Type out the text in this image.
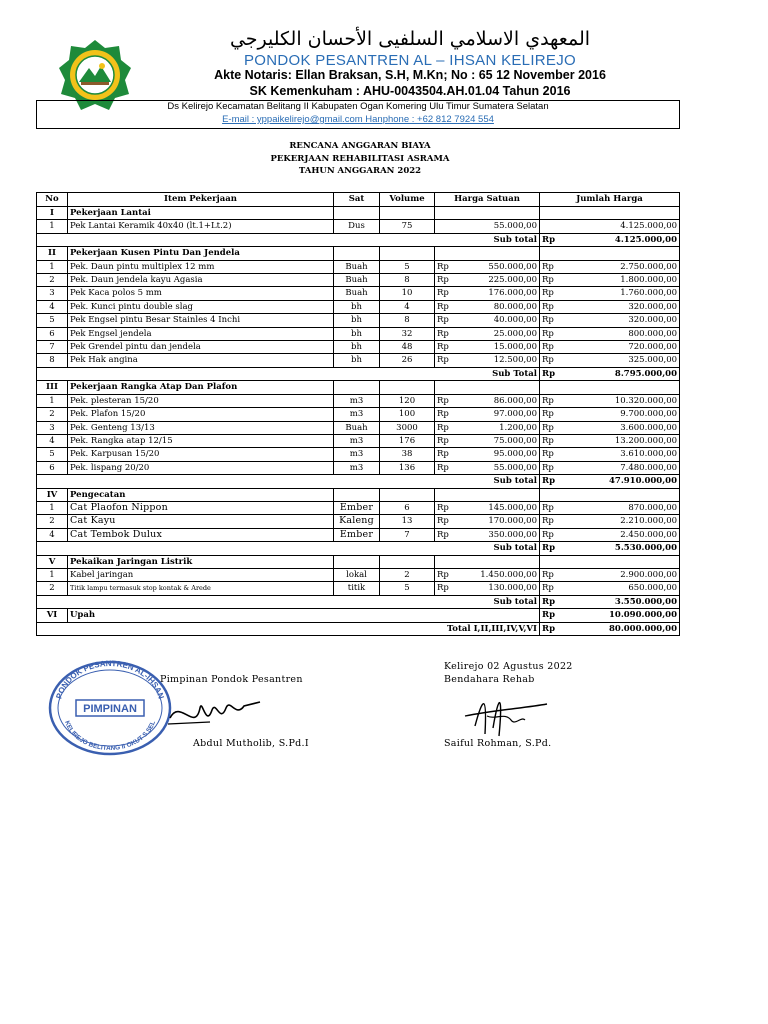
المعهدي الاسلامي السلفيى الأحسان الكليرجي
PONDOK PESANTREN AL – IHSAN KELIREJO
Akte Notaris: Ellan Braksan, S.H, M.Kn; No : 65 12 November 2016
SK Kemenkuham : AHU-0043504.AH.01.04 Tahun 2016
Ds Kelirejo Kecamatan Belitang II Kabupaten Ogan Komering Ulu Timur Sumatera Selatan
E-mail : yppaikelirejo@gmail.com Hanphone : +62 812 7924 554
RENCANA ANGGARAN BIAYA
PEKERJAAN REHABILITASI ASRAMA
TAHUN ANGGARAN 2022
No	Item Pekerjaan	Sat	Volume	Harga Satuan		Jumlah Harga	
I	Pekerjaan Lantai						
1	Pek Lantai Keramik 40x40 (lt.1+Lt.2)	Dus	75		55.000,00		4.125.000,00
Sub total						Rp	4.125.000,00
II	Pekerjaan Kusen Pintu Dan Jendela						
1	Pek. Daun pintu multiplex 12 mm	Buah	5	Rp	550.000,00	Rp	2.750.000,00
2	Pek. Daun jendela kayu Agasia	Buah	8	Rp	225.000,00	Rp	1.800.000,00
3	Pek Kaca polos 5 mm	Buah	10	Rp	176.000,00	Rp	1.760.000,00
4	Pek. Kunci pintu double slag	bh	4	Rp	80.000,00	Rp	320.000,00
5	Pek Engsel pintu Besar Stainles 4 Inchi	bh	8	Rp	40.000,00	Rp	320.000,00
6	Pek Engsel jendela	bh	32	Rp	25.000,00	Rp	800.000,00
7	Pek Grendel pintu dan jendela	bh	48	Rp	15.000,00	Rp	720.000,00
8	Pek Hak angina	bh	26	Rp	12.500,00	Rp	325.000,00
Sub Total						Rp	8.795.000,00
III	Pekerjaan Rangka Atap Dan Plafon						
1	Pek. plesteran 15/20	m3	120	Rp	86.000,00	Rp	10.320.000,00
2	Pek. Plafon 15/20	m3	100	Rp	97.000,00	Rp	9.700.000,00
3	Pek. Genteng 13/13	Buah	3000	Rp	1.200,00	Rp	3.600.000,00
4	Pek. Rangka atap 12/15	m3	176	Rp	75.000,00	Rp	13.200.000,00
5	Pek. Karpusan 15/20	m3	38	Rp	95.000,00	Rp	3.610.000,00
6	Pek. lispang 20/20	m3	136	Rp	55.000,00	Rp	7.480.000,00
Sub total						Rp	47.910.000,00
IV	Pengecatan						
1	Cat Plaofon Nippon	Ember	6	Rp	145.000,00	Rp	870.000,00
2	Cat Kayu	Kaleng	13	Rp	170.000,00	Rp	2.210.000,00
4	Cat Tembok Dulux	Ember	7	Rp	350.000,00	Rp	2.450.000,00
Sub total						Rp	5.530.000,00
V	Pekaikan Jaringan Listrik						
1	Kabel jaringan	lokal	2	Rp	1.450.000,00	Rp	2.900.000,00
2	Titik lampu termasuk stop kontak & Arede	titik	5	Rp	130.000,00	Rp	650.000,00
Sub total						Rp	3.550.000,00
VI	Upah					Rp	10.090.000,00
Total I,II,III,IV,V,VI						Rp	80.000.000,00
PONDOK PESANTREN AL-IHSAN
KELIREJO BELITANG II OKUT S.SEL
PIMPINAN
Pimpinan Pondok Pesantren
Abdul Mutholib, S.Pd.I
Kelirejo 02 Agustus 2022
Bendahara Rehab
Saiful Rohman, S.Pd.
